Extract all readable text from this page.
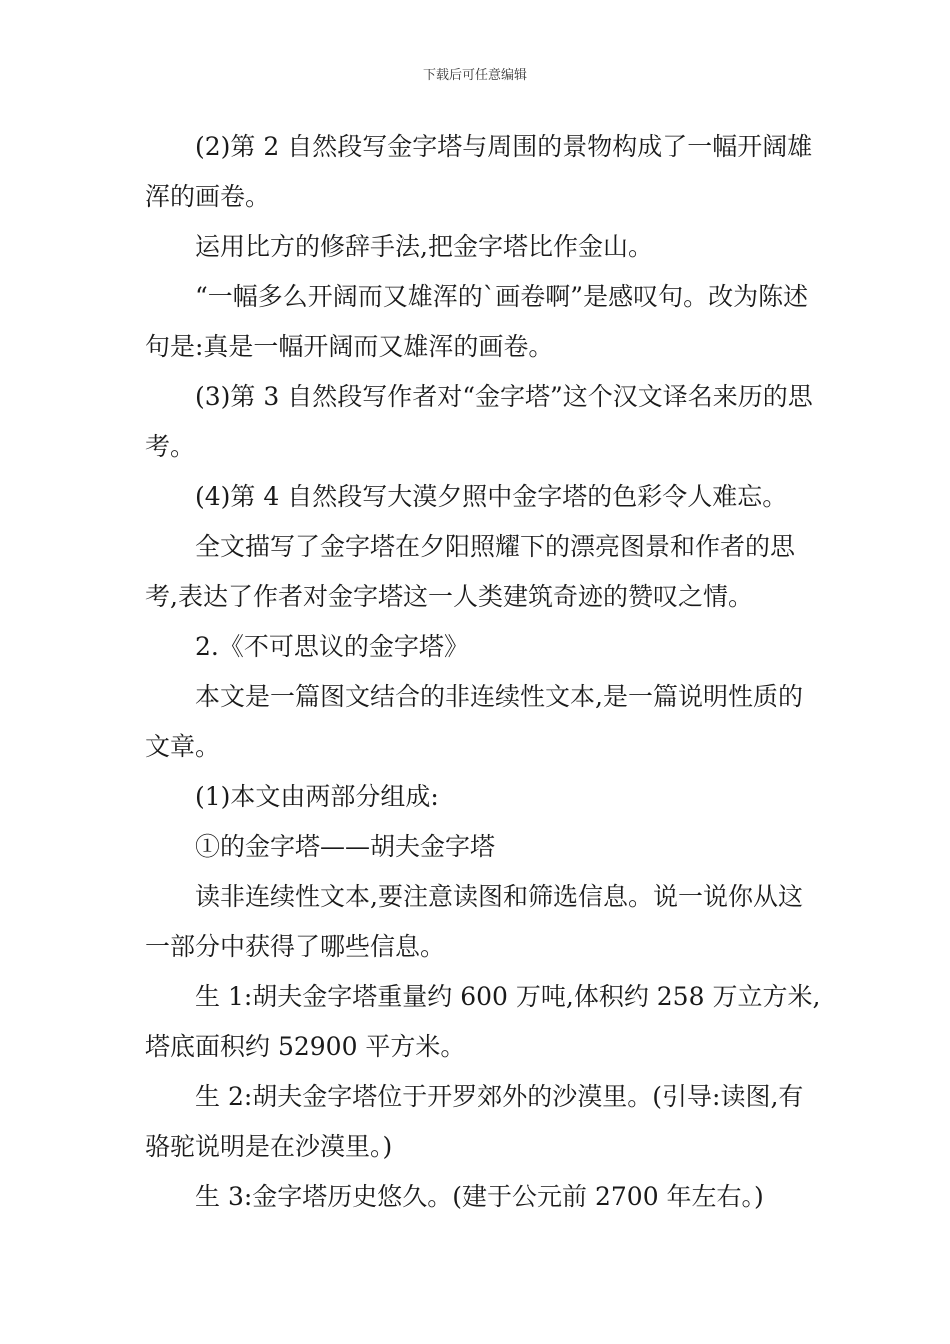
下载后可任意编辑

(2)第 2 自然段写金字塔与周围的景物构成了一幅开阔雄浑的画卷。

运用比方的修辞手法,把金字塔比作金山。

“一幅多么开阔而又雄浑的`画卷啊”是感叹句。改为陈述句是:真是一幅开阔而又雄浑的画卷。

(3)第 3 自然段写作者对“金字塔”这个汉文译名来历的思考。

(4)第 4 自然段写大漠夕照中金字塔的色彩令人难忘。

全文描写了金字塔在夕阳照耀下的漂亮图景和作者的思考,表达了作者对金字塔这一人类建筑奇迹的赞叹之情。

2.《不可思议的金字塔》

本文是一篇图文结合的非连续性文本,是一篇说明性质的文章。

(1)本文由两部分组成:

①的金字塔——胡夫金字塔

读非连续性文本,要注意读图和筛选信息。说一说你从这一部分中获得了哪些信息。

生 1:胡夫金字塔重量约 600 万吨,体积约 258 万立方米,塔底面积约 52900 平方米。

生 2:胡夫金字塔位于开罗郊外的沙漠里。(引导:读图,有骆驼说明是在沙漠里。)

生 3:金字塔历史悠久。(建于公元前 2700 年左右。)
